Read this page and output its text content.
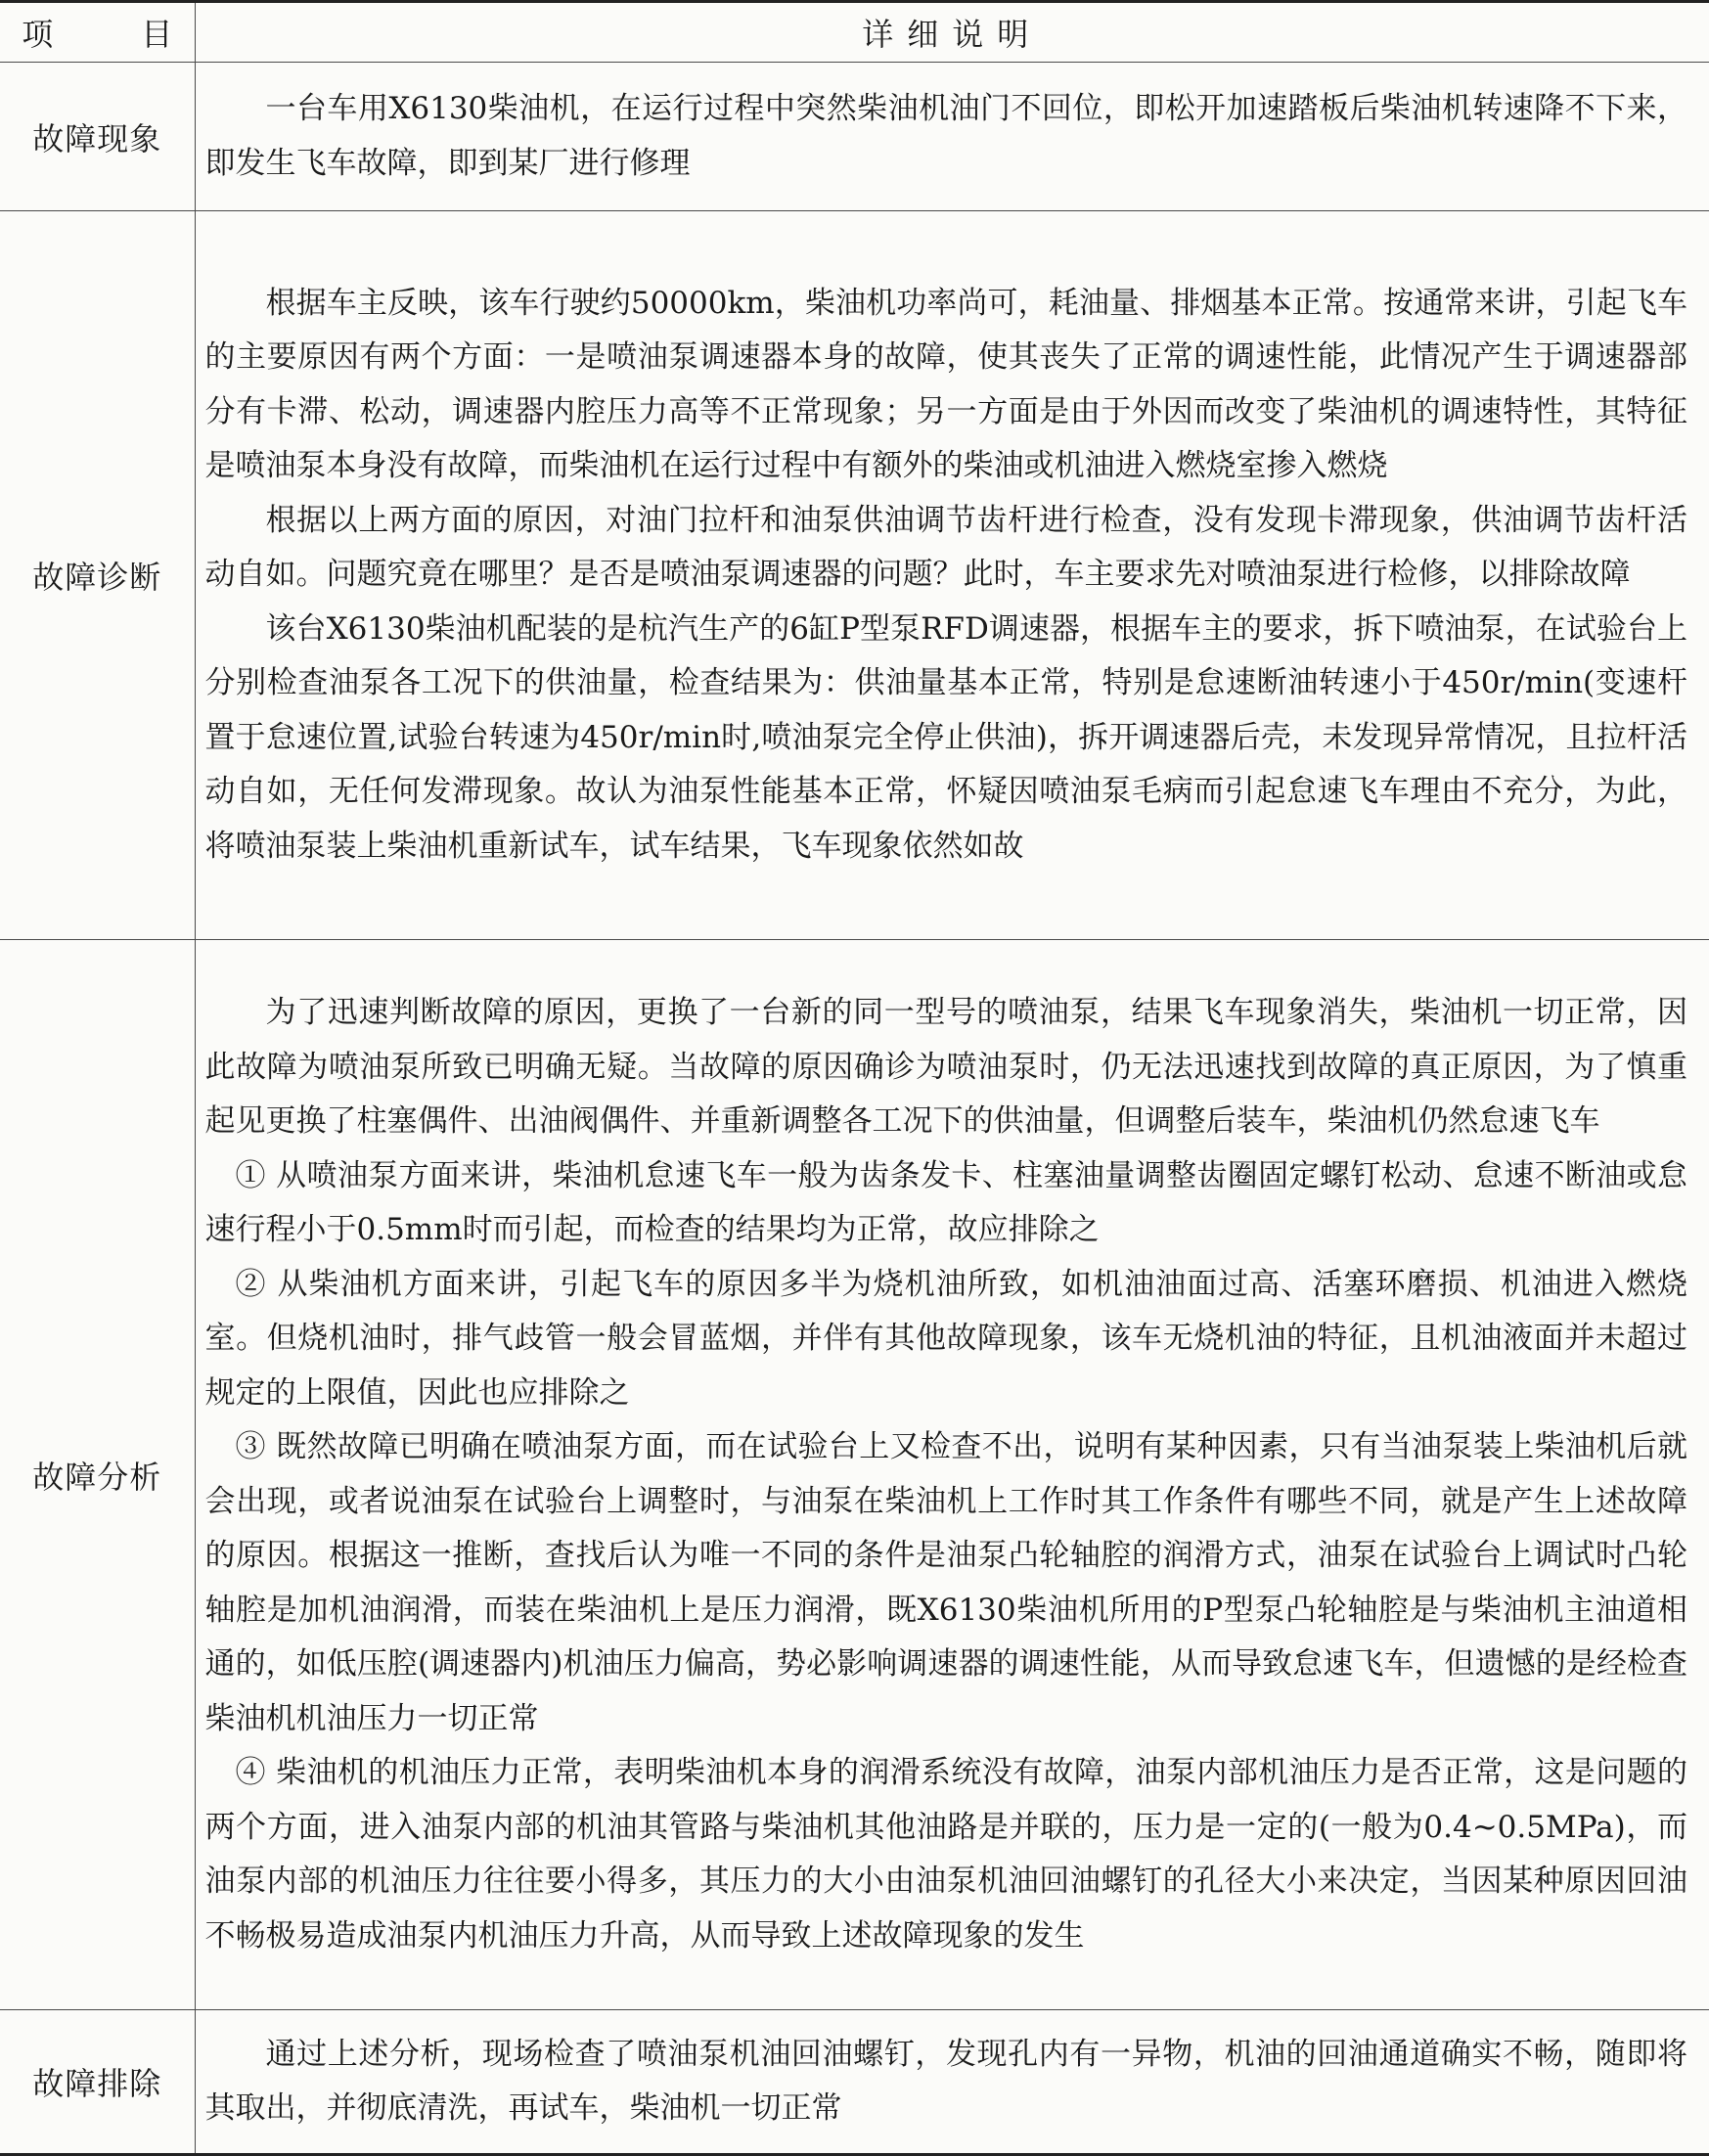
项 目	详细说明
故障现象	一台车用X6130柴油机，在运行过程中突然柴油机油门不回位，即松开加速踏板后柴油机转速降不下来，即发生飞车故障，即到某厂进行修理

故障诊断	根据车主反映，该车行驶约50000km，柴油机功率尚可，耗油量、排烟基本正常。按通常来讲，引起飞车的主要原因有两个方面：一是喷油泵调速器本身的故障，使其丧失了正常的调速性能，此情况产生于调速器部分有卡滞、松动，调速器内腔压力高等不正常现象；另一方面是由于外因而改变了柴油机的调速特性，其特征是喷油泵本身没有故障，而柴油机在运行过程中有额外的柴油或机油进入燃烧室掺入燃烧

根据以上两方面的原因，对油门拉杆和油泵供油调节齿杆进行检查，没有发现卡滞现象，供油调节齿杆活动自如。问题究竟在哪里？是否是喷油泵调速器的问题？此时，车主要求先对喷油泵进行检修，以排除故障

该台X6130柴油机配装的是杭汽生产的6缸P型泵RFD调速器，根据车主的要求，拆下喷油泵，在试验台上分别检查油泵各工况下的供油量，检查结果为：供油量基本正常，特别是怠速断油转速小于450r/min(变速杆置于怠速位置,试验台转速为450r/min时,喷油泵完全停止供油)，拆开调速器后壳，未发现异常情况，且拉杆活动自如，无任何发滞现象。故认为油泵性能基本正常，怀疑因喷油泵毛病而引起怠速飞车理由不充分，为此，将喷油泵装上柴油机重新试车，试车结果，飞车现象依然如故

故障分析	为了迅速判断故障的原因，更换了一台新的同一型号的喷油泵，结果飞车现象消失，柴油机一切正常，因此故障为喷油泵所致已明确无疑。当故障的原因确诊为喷油泵时，仍无法迅速找到故障的真正原因，为了慎重起见更换了柱塞偶件、出油阀偶件、并重新调整各工况下的供油量，但调整后装车，柴油机仍然怠速飞车

① 从喷油泵方面来讲，柴油机怠速飞车一般为齿条发卡、柱塞油量调整齿圈固定螺钉松动、怠速不断油或怠速行程小于0.5mm时而引起，而检查的结果均为正常，故应排除之

② 从柴油机方面来讲，引起飞车的原因多半为烧机油所致，如机油油面过高、活塞环磨损、机油进入燃烧室。但烧机油时，排气歧管一般会冒蓝烟，并伴有其他故障现象，该车无烧机油的特征，且机油液面并未超过规定的上限值，因此也应排除之

③ 既然故障已明确在喷油泵方面，而在试验台上又检查不出，说明有某种因素，只有当油泵装上柴油机后就会出现，或者说油泵在试验台上调整时，与油泵在柴油机上工作时其工作条件有哪些不同，就是产生上述故障的原因。根据这一推断，查找后认为唯一不同的条件是油泵凸轮轴腔的润滑方式，油泵在试验台上调试时凸轮轴腔是加机油润滑，而装在柴油机上是压力润滑，既X6130柴油机所用的P型泵凸轮轴腔是与柴油机主油道相通的，如低压腔(调速器内)机油压力偏高，势必影响调速器的调速性能，从而导致怠速飞车，但遗憾的是经检查柴油机机油压力一切正常

④ 柴油机的机油压力正常，表明柴油机本身的润滑系统没有故障，油泵内部机油压力是否正常，这是问题的两个方面，进入油泵内部的机油其管路与柴油机其他油路是并联的，压力是一定的(一般为0.4~0.5MPa)，而油泵内部的机油压力往往要小得多，其压力的大小由油泵机油回油螺钉的孔径大小来决定，当因某种原因回油不畅极易造成油泵内机油压力升高，从而导致上述故障现象的发生

故障排除	通过上述分析，现场检查了喷油泵机油回油螺钉，发现孔内有一异物，机油的回油通道确实不畅，随即将其取出，并彻底清洗，再试车，柴油机一切正常
